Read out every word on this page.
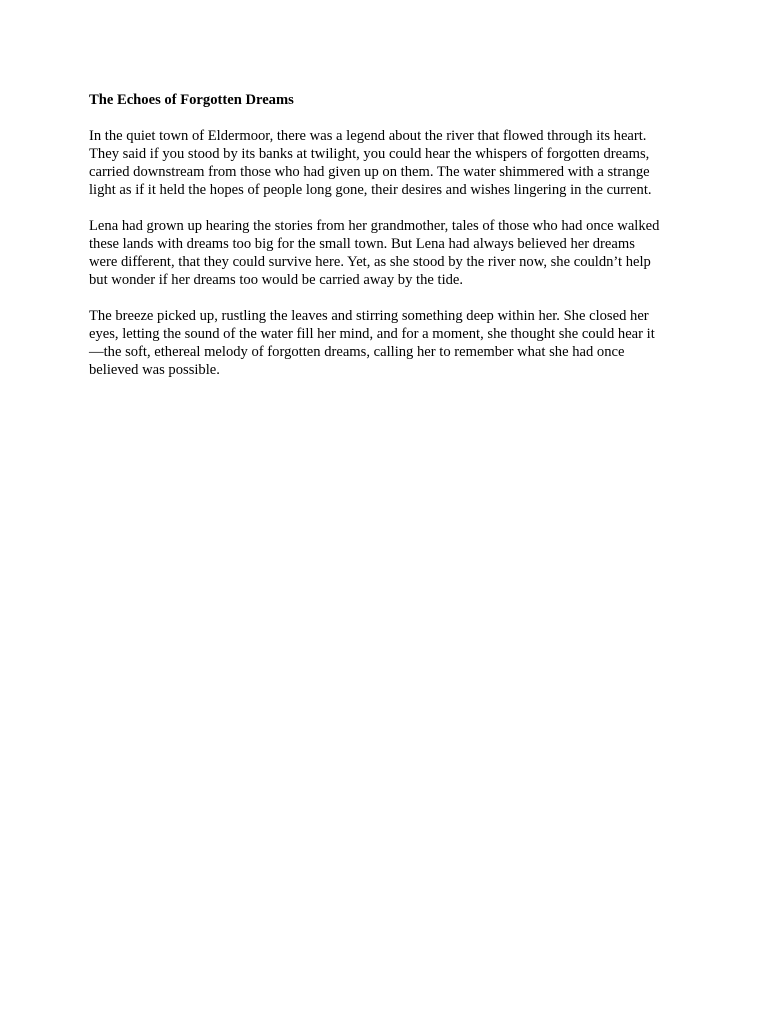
The Echoes of Forgotten Dreams
In the quiet town of Eldermoor, there was a legend about the river that flowed through its heart.
They said if you stood by its banks at twilight, you could hear the whispers of forgotten dreams,
carried downstream from those who had given up on them. The water shimmered with a strange
light as if it held the hopes of people long gone, their desires and wishes lingering in the current.
Lena had grown up hearing the stories from her grandmother, tales of those who had once walked
these lands with dreams too big for the small town. But Lena had always believed her dreams
were different, that they could survive here. Yet, as she stood by the river now, she couldn’t help
but wonder if her dreams too would be carried away by the tide.
The breeze picked up, rustling the leaves and stirring something deep within her. She closed her
eyes, letting the sound of the water fill her mind, and for a moment, she thought she could hear it
—the soft, ethereal melody of forgotten dreams, calling her to remember what she had once
believed was possible.
